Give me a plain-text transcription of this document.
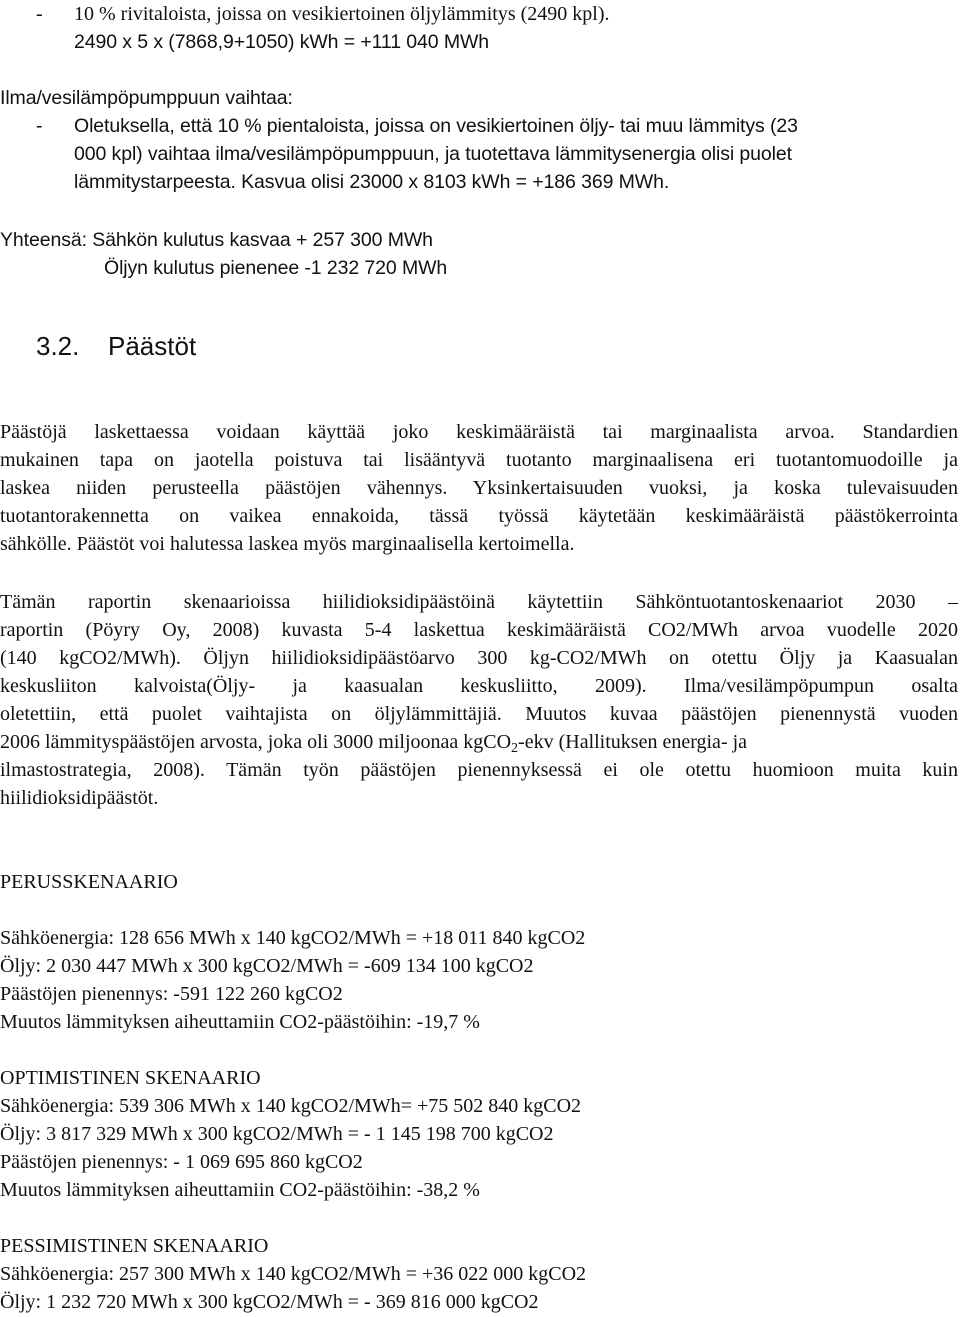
- 10 % rivitaloista, joissa on vesikiertoinen öljylämmitys (2490 kpl).
2490 x 5 x (7868,9+1050) kWh = +111 040 MWh
Ilma/vesilämpöpumppuun vaihtaa:
- Oletuksella, että 10 % pientaloista, joissa on vesikiertoinen öljy- tai muu lämmitys (23
000 kpl) vaihtaa ilma/vesilämpöpumppuun, ja tuotettava lämmitysenergia olisi puolet
lämmitystarpeesta. Kasvua olisi 23000 x 8103 kWh = +186 369 MWh.
Yhteensä: Sähkön kulutus kasvaa + 257 300 MWh
Öljyn kulutus pienenee -1 232 720 MWh
3.2. Päästöt
Päästöjä laskettaessa voidaan käyttää joko keskimääräistä tai marginaalista arvoa. Standardien
mukainen tapa on jaotella poistuva tai lisääntyvä tuotanto marginaalisena eri tuotantomuodoille ja
laskea niiden perusteella päästöjen vähennys. Yksinkertaisuuden vuoksi, ja koska tulevaisuuden
tuotantorakennetta on vaikea ennakoida, tässä työssä käytetään keskimääräistä päästökerrointa
sähkölle. Päästöt voi halutessa laskea myös marginaalisella kertoimella.
Tämän raportin skenaarioissa hiilidioksidipäästöinä käytettiin Sähköntuotantoskenaariot 2030 –
raportin (Pöyry Oy, 2008) kuvasta 5-4 laskettua keskimääräistä CO2/MWh arvoa vuodelle 2020
(140 kgCO2/MWh). Öljyn hiilidioksidipäästöarvo 300 kg-CO2/MWh on otettu Öljy ja Kaasualan
keskusliiton kalvoista(Öljy- ja kaasualan keskusliitto, 2009). Ilma/vesilämpöpumpun osalta
oletettiin, että puolet vaihtajista on öljylämmittäjiä. Muutos kuvaa päästöjen pienennystä vuoden
2006 lämmityspäästöjen arvosta, joka oli 3000 miljoonaa kgCO$_2$-ekv (Hallituksen energia- ja
ilmastostrategia, 2008). Tämän työn päästöjen pienennyksessä ei ole otettu huomioon muita kuin
hiilidioksidipäästöt.
PERUSSKENAARIO
Sähköenergia: 128 656 MWh x 140 kgCO2/MWh = +18 011 840 kgCO2
Öljy: 2 030 447 MWh x 300 kgCO2/MWh = -609 134 100 kgCO2
Päästöjen pienennys: -591 122 260 kgCO2
Muutos lämmityksen aiheuttamiin CO2-päästöihin: -19,7 %
OPTIMISTINEN SKENAARIO
Sähköenergia: 539 306 MWh x 140 kgCO2/MWh= +75 502 840 kgCO2
Öljy: 3 817 329 MWh x 300 kgCO2/MWh = - 1 145 198 700 kgCO2
Päästöjen pienennys: - 1 069 695 860 kgCO2
Muutos lämmityksen aiheuttamiin CO2-päästöihin: -38,2 %
PESSIMISTINEN SKENAARIO
Sähköenergia: 257 300 MWh x 140 kgCO2/MWh = +36 022 000 kgCO2
Öljy: 1 232 720 MWh x 300 kgCO2/MWh = - 369 816 000 kgCO2
